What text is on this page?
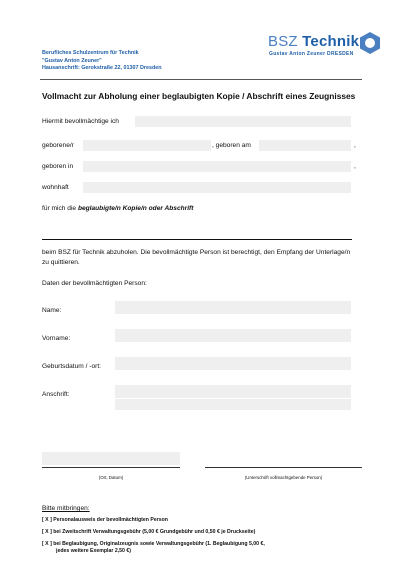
Berufliches Schulzentrum für Technik
"Gustav Anton Zeuner"
Hausanschrift: Gerokstraße 22, 01307 Dresden
BSZ Technik
Gustav Anton Zeuner DRESDEN
Vollmacht zur Abholung einer beglaubigten Kopie / Abschrift eines Zeugnisses
Hiermit bevollmächtige ich
geborene/r	, geboren am	,
geboren in	,
wohnhaft
für mich die beglaubigte/n Kopie/n oder Abschrift
beim BSZ für Technik abzuholen. Die bevollmächtigte Person ist berechtigt, den Empfang der Unterlage/n zu quittieren.
Daten der bevollmächtigten Person:
Name:
Vorname:
Geburtsdatum / -ort:
Anschrift:
(Ort, Datum)	(Unterschrift vollmachtgebende Person)
Bitte mitbringen:
[ X ] Personalausweis der bevollmächtigten Person
[ X ] bei Zweitschrift Verwaltungsgebühr (5,00 € Grundgebühr und 0,50 € je Druckseite)
[ X ] bei Beglaubigung, Originalzeugnis sowie Verwaltungsgebühr (1. Beglaubigung 5,00 €,
jedes weitere Exemplar 2,50 €)
